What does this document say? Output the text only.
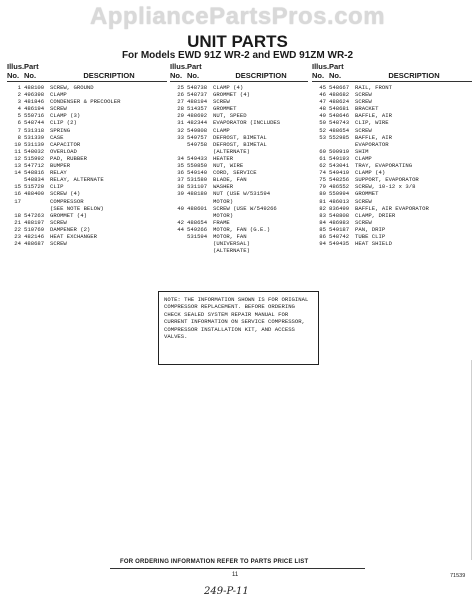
AppliancePartsPros.com
UNIT PARTS
For Models EWD 91Z WR-2 and EWD 91ZM WR-2
Illus.
No.
Part
No.	DESCRIPTION
1 488100	SCREW, GROUND
2 496398	CLAMP
3 481846	CONDENSER & PRECOOLER
4 486194	SCREW
5 550716	CLAMP (3)
6 548744	CLIP (2)
7 531318	SPRING
8 531339	CASE
10 531139	CAPACITOR
11 548032	OVERLOAD
12 515992	PAD, RUBBER
13 547712	BUMPER
14 548816	RELAY
548834	RELAY, ALTERNATE
15 515720	CLIP
16 488400	SCREW (4)
17	COMPRESSOR
(SEE NOTE BELOW)
18 547263	GROMMET (4)
21 488197	SCREW
22 510769	DAMPENER (2)
23 482146	HEAT EXCHANGER
24 488687	SCREW
Illus.
No.
Part
No.	DESCRIPTION
25 548738	CLAMP (4)
26 548737	GROMMET (4)
27 488194	SCREW
28 514357	GROMMET
29 488692	NUT, SPEED
31 482344	EVAPORATOR (INCLUDES
32 549808	CLAMP
33 549757	DEFROST, BIMETAL
549758	DEFROST, BIMETAL
(ALTERNATE)
34 549433	HEATER
35 550850	NUT, WIRE
36 549140	CORD, SERVICE
37 531580	BLADE, FAN
38 531107	WASHER
39 488180	NUT (USE W/531594
MOTOR)
40 488601	SCREW (USE W/549266
MOTOR)
42 488654	FRAME
44 549266	MOTOR, FAN (G.E.)
531594	MOTOR, FAN
(UNIVERSAL)
(ALTERNATE)
Illus.
No.
Part
No.	DESCRIPTION
45 548667	RAIL, FRONT
46 488682	SCREW
47 488624	SCREW
48 548681	BRACKET
49 548646	BAFFLE, AIR
50 548743	CLIP, WIRE
52 488654	SCREW
53 552985	BAFFLE, AIR
EVAPORATOR
60 500919	SHIM
61 549193	CLAMP
62 543041	TRAY, EVAPORATING
74 549419	CLAMP (4)
75 548256	SUPPORT, EVAPORATOR
79 486552	SCREW, 10-12 x 3/8
80 550994	GROMMET
81 486013	SCREW
82 836499	BAFFLE, AIR EVAPORATOR
83 548808	CLAMP, DRIER
84 486983	SCREW
85 549187	PAN, DRIP
86 548742	TUBE CLIP
94 549435	HEAT SHIELD
NOTE: THE INFORMATION SHOWN IS FOR ORIGINAL COMPRESSOR REPLACEMENT. BEFORE ORDERING CHECK SEALED SYSTEM REPAIR MANUAL FOR CURRENT INFORMATION ON SERVICE COMPRESSOR, COMPRESSOR INSTALLATION KIT, AND ACCESS VALVES.
FOR ORDERING INFORMATION REFER TO PARTS PRICE LIST
11	71539
249-P-11
